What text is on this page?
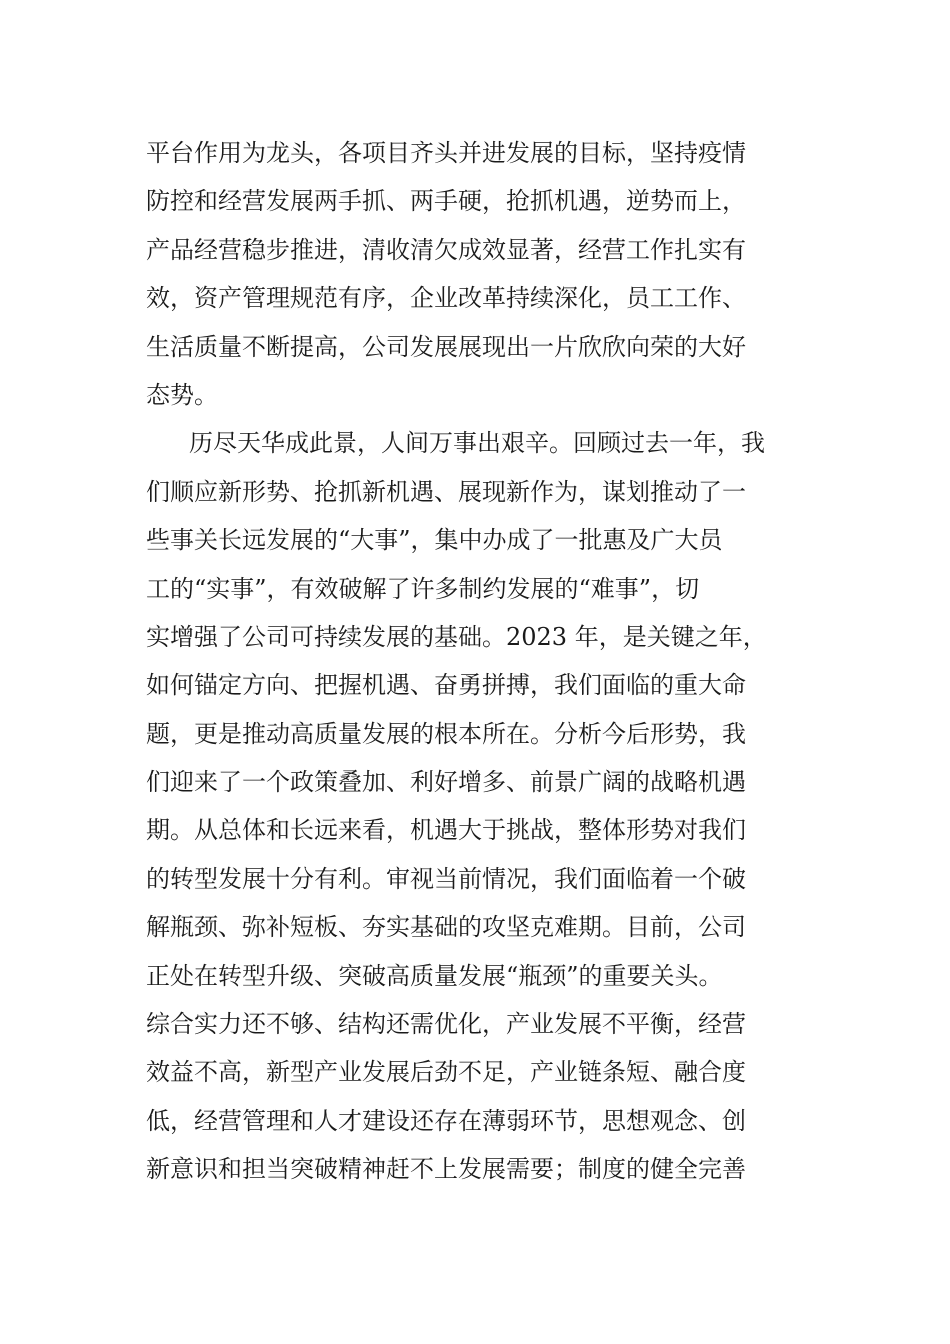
平台作用为龙头，各项目齐头并进发展的目标，坚持疫情
防控和经营发展两手抓、两手硬，抢抓机遇，逆势而上，
产品经营稳步推进，清收清欠成效显著，经营工作扎实有
效，资产管理规范有序，企业改革持续深化，员工工作、
生活质量不断提高，公司发展展现出一片欣欣向荣的大好
态势。
历尽天华成此景，人间万事出艰辛。回顾过去一年，我
们顺应新形势、抢抓新机遇、展现新作为，谋划推动了一
些事关长远发展的“大事”，集中办成了一批惠及广大员
工的“实事”，有效破解了许多制约发展的“难事”，切
实增强了公司可持续发展的基础。2023 年，是关键之年，
如何锚定方向、把握机遇、奋勇拼搏，我们面临的重大命
题，更是推动高质量发展的根本所在。分析今后形势，我
们迎来了一个政策叠加、利好增多、前景广阔的战略机遇
期。从总体和长远来看，机遇大于挑战，整体形势对我们
的转型发展十分有利。审视当前情况，我们面临着一个破
解瓶颈、弥补短板、夯实基础的攻坚克难期。目前，公司
正处在转型升级、突破高质量发展“瓶颈”的重要关头。
综合实力还不够、结构还需优化，产业发展不平衡，经营
效益不高，新型产业发展后劲不足，产业链条短、融合度
低，经营管理和人才建设还存在薄弱环节，思想观念、创
新意识和担当突破精神赶不上发展需要；制度的健全完善
